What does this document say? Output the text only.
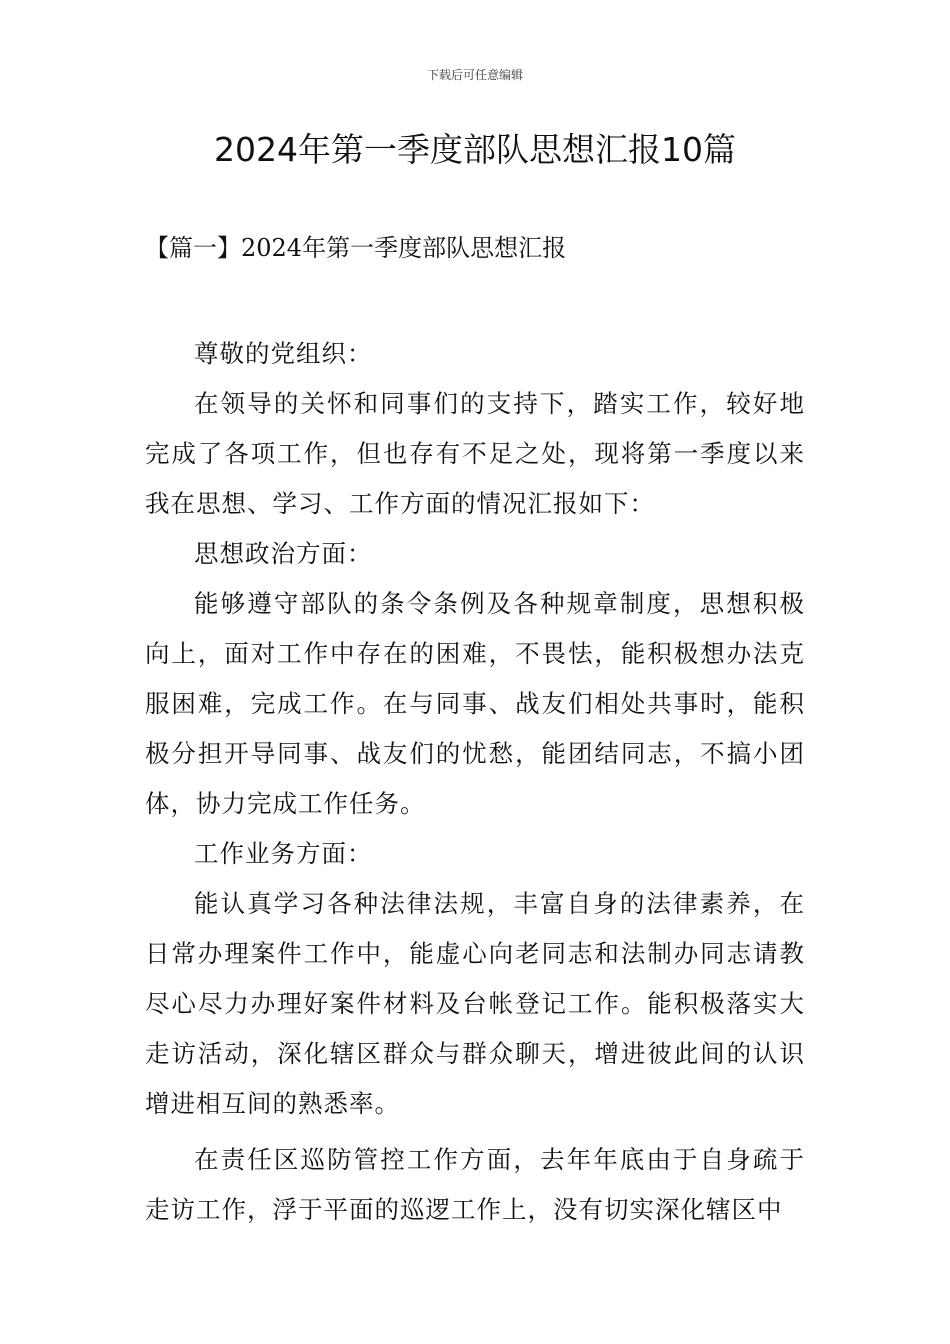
下载后可任意编辑
2024年第一季度部队思想汇报10篇
【篇一】2024年第一季度部队思想汇报

尊敬的党组织：

在领导的关怀和同事们的支持下，踏实工作，较好地完成了各项工作，但也存有不足之处，现将第一季度以来我在思想、学习、工作方面的情况汇报如下：

思想政治方面：

能够遵守部队的条令条例及各种规章制度，思想积极向上，面对工作中存在的困难，不畏怯，能积极想办法克服困难，完成工作。在与同事、战友们相处共事时，能积极分担开导同事、战友们的忧愁，能团结同志，不搞小团体，协力完成工作任务。

工作业务方面：

能认真学习各种法律法规，丰富自身的法律素养，在日常办理案件工作中，能虚心向老同志和法制办同志请教尽心尽力办理好案件材料及台帐登记工作。能积极落实大走访活动，深化辖区群众与群众聊天，增进彼此间的认识增进相互间的熟悉率。

在责任区巡防管控工作方面，去年年底由于自身疏于走访工作，浮于平面的巡逻工作上，没有切实深化辖区中
